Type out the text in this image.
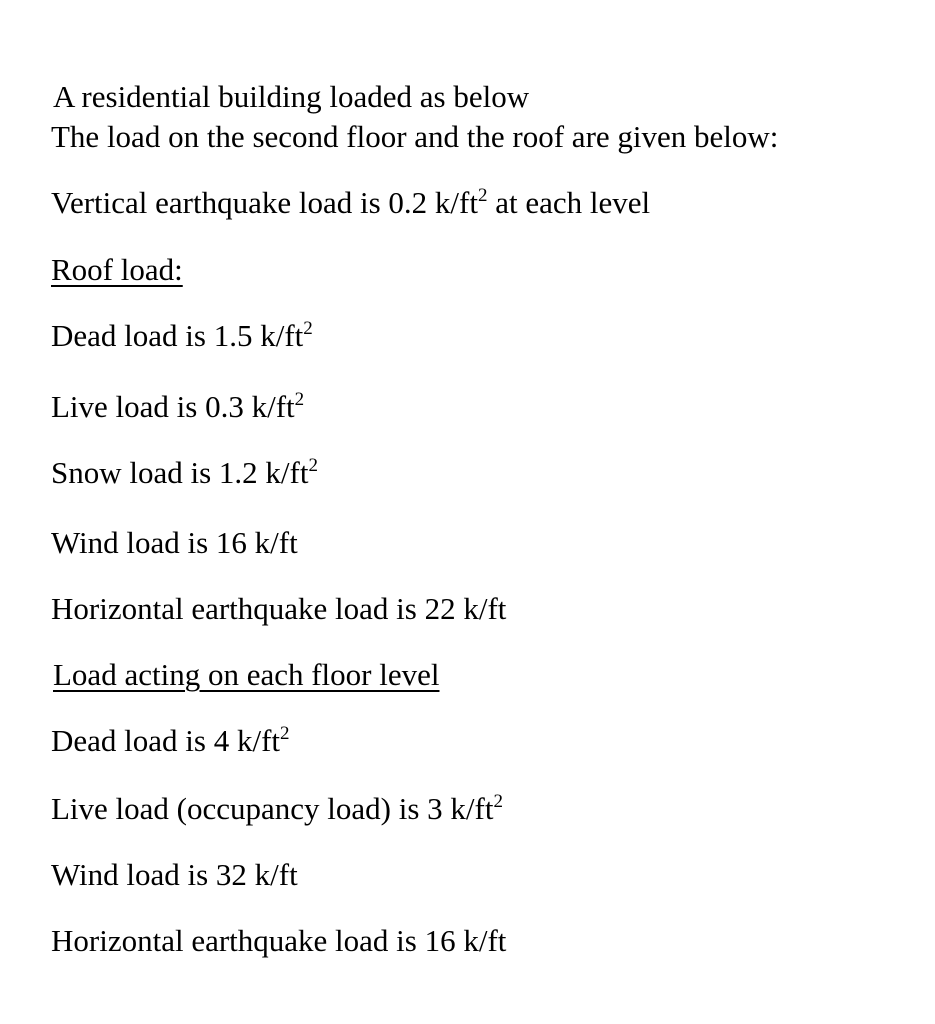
A residential building loaded as below
The load on the second floor and the roof are given below:
Vertical earthquake load is 0.2 $k/ft^2$ at each level
Roof load:
Dead load is 1.5 $k/ft^2$
Live load is 0.3 $k/ft^2$
Snow load is 1.2 $k/ft^2$
Wind load is 16 k/ft
Horizontal earthquake load is 22 k/ft
Load acting on each floor level
Dead load is 4 $k/ft^2$
Live load (occupancy load) is 3 $k/ft^2$
Wind load is 32 k/ft
Horizontal earthquake load is 16 k/ft
